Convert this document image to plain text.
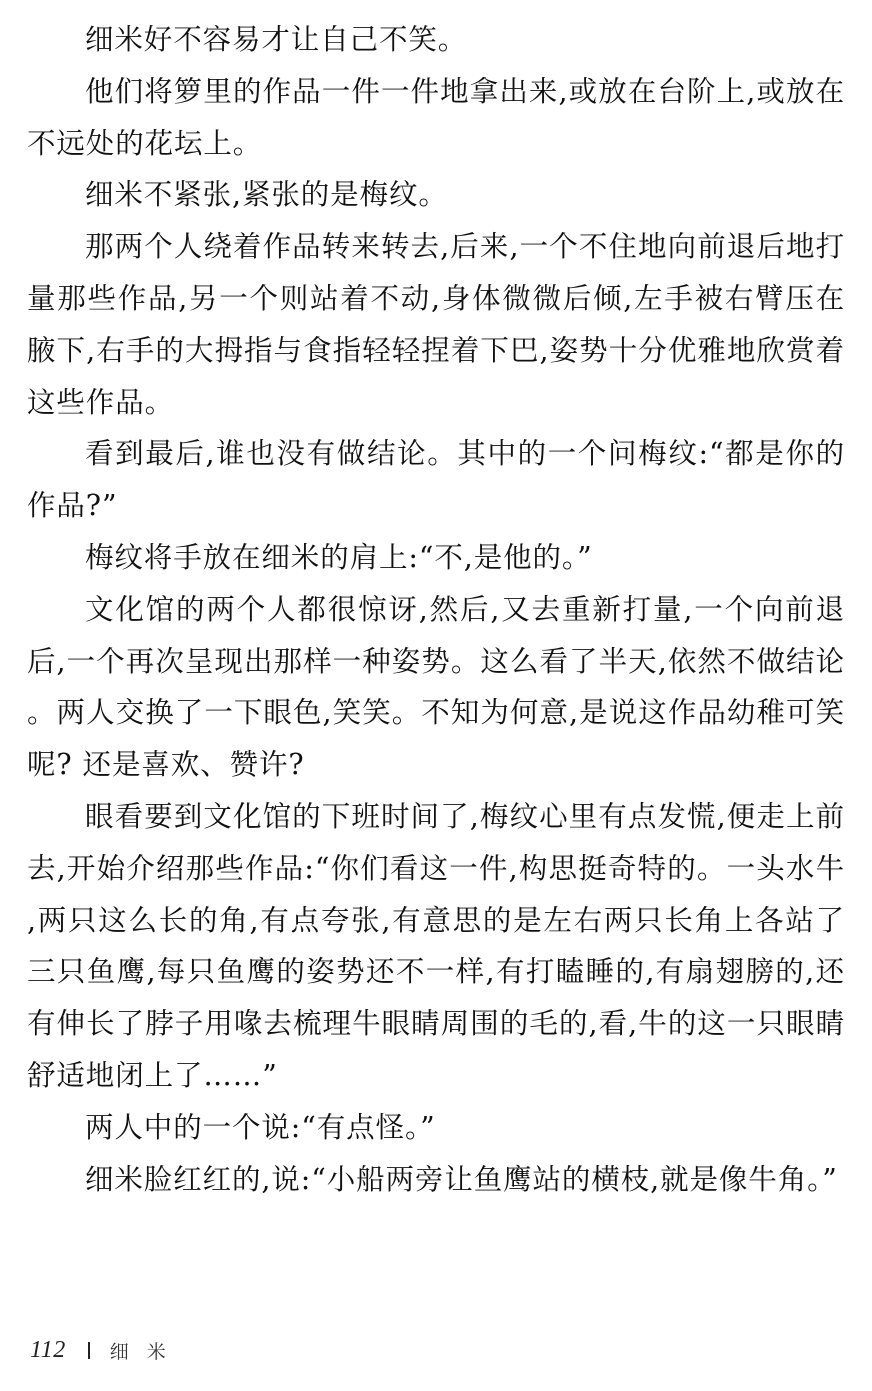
细米好不容易才让自己不笑。

他们将箩里的作品一件一件地拿出来,或放在台阶上,或放在不远处的花坛上。

细米不紧张,紧张的是梅纹。

那两个人绕着作品转来转去,后来,一个不住地向前退后地打量那些作品,另一个则站着不动,身体微微后倾,左手被右臂压在腋下,右手的大拇指与食指轻轻捏着下巴,姿势十分优雅地欣赏着这些作品。

看到最后,谁也没有做结论。其中的一个问梅纹:“都是你的作品?”

梅纹将手放在细米的肩上:“不,是他的。”

文化馆的两个人都很惊讶,然后,又去重新打量,一个向前退后,一个再次呈现出那样一种姿势。这么看了半天,依然不做结论。两人交换了一下眼色,笑笑。不知为何意,是说这作品幼稚可笑呢? 还是喜欢、赞许?

眼看要到文化馆的下班时间了,梅纹心里有点发慌,便走上前去,开始介绍那些作品:“你们看这一件,构思挺奇特的。一头水牛,两只这么长的角,有点夸张,有意思的是左右两只长角上各站了三只鱼鹰,每只鱼鹰的姿势还不一样,有打瞌睡的,有扇翅膀的,还有伸长了脖子用喙去梳理牛眼睛周围的毛的,看,牛的这一只眼睛舒适地闭上了……”

两人中的一个说:“有点怪。”

细米脸红红的,说:“小船两旁让鱼鹰站的横枝,就是像牛角。”

112 细米
